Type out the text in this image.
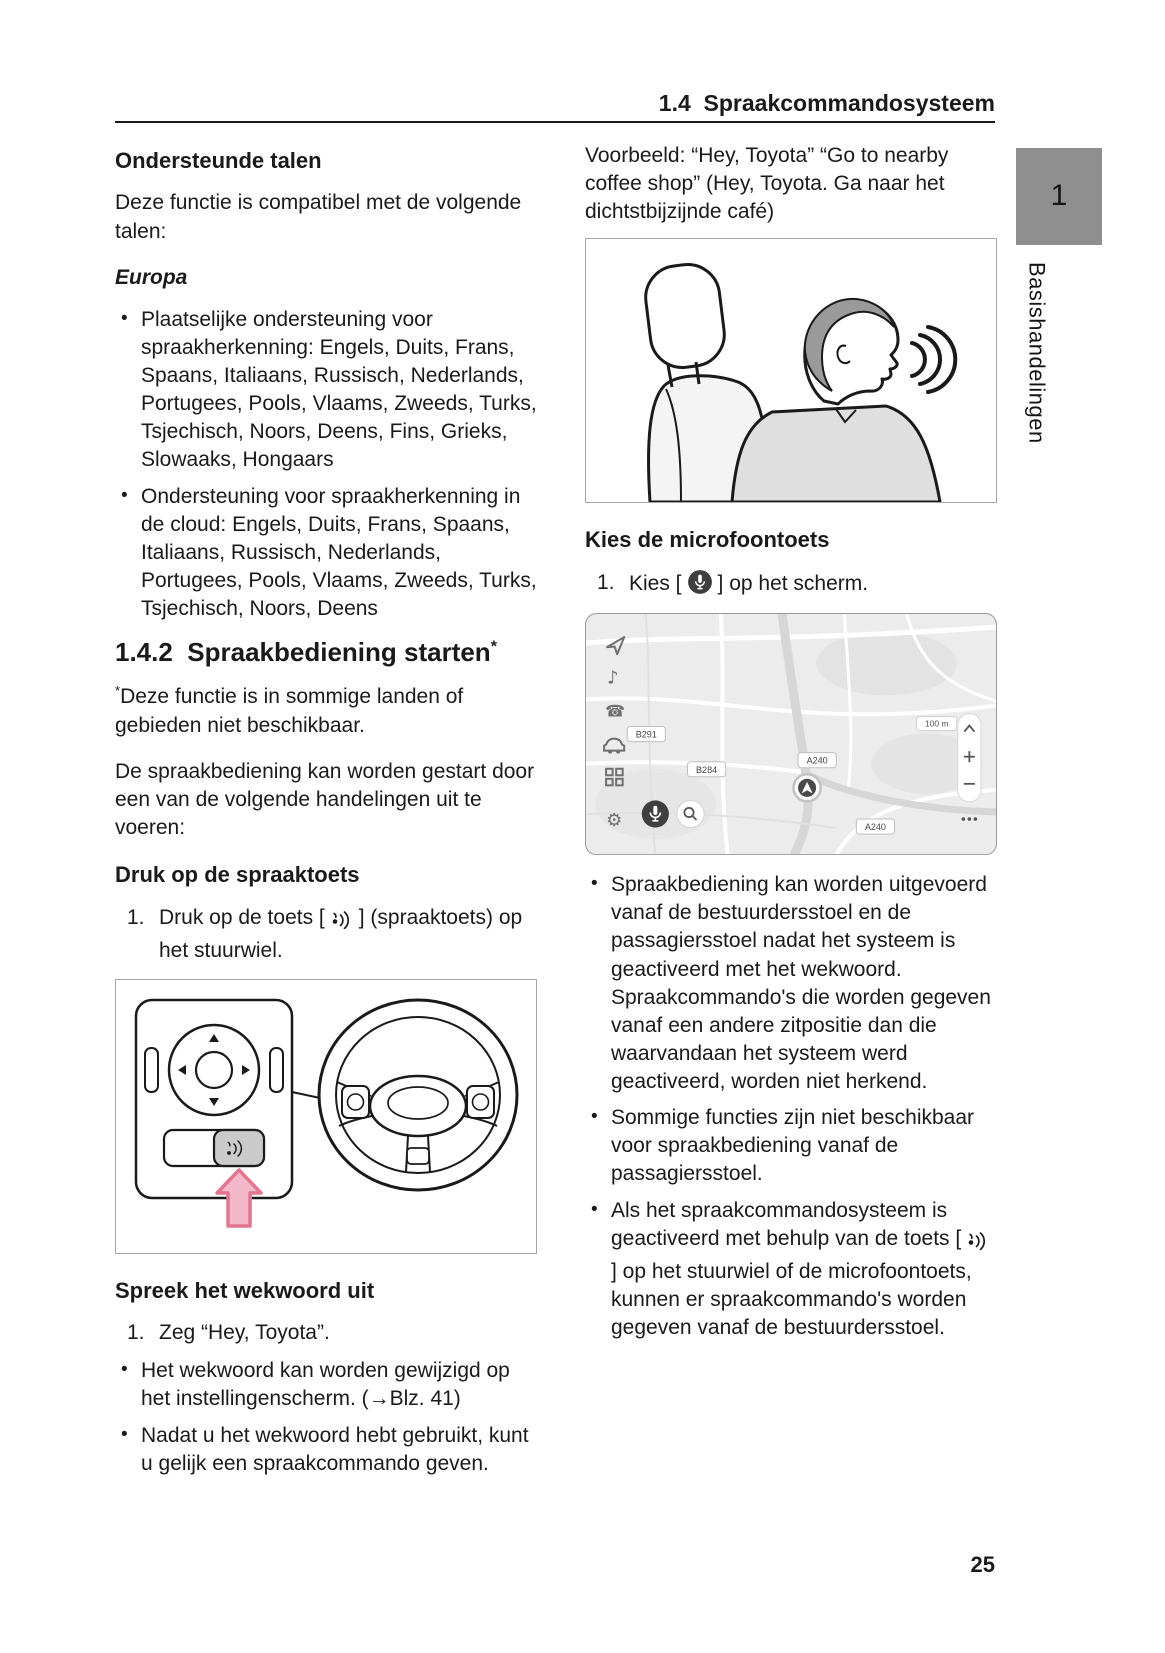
1.4  Spraakcommandosysteem
1
Basishandelingen
Ondersteunde talen

Deze functie is compatibel met de volgende talen:

Europa
• Plaatselijke ondersteuning voor spraakherkenning: Engels, Duits, Frans, Spaans, Italiaans, Russisch, Nederlands, Portugees, Pools, Vlaams, Zweeds, Turks, Tsjechisch, Noors, Deens, Fins, Grieks, Slowaaks, Hongaars
• Ondersteuning voor spraakherkenning in de cloud: Engels, Duits, Frans, Spaans, Italiaans, Russisch, Nederlands, Portugees, Pools, Vlaams, Zweeds, Turks, Tsjechisch, Noors, Deens
1.4.2  Spraakbediening starten*

*Deze functie is in sommige landen of gebieden niet beschikbaar.

De spraakbediening kan worden gestart door een van de volgende handelingen uit te voeren:

Druk op de spraaktoets
1. Druk op de toets [ ] (spraaktoets) op het stuurwiel.
Spreek het wekwoord uit
1. Zeg “Hey, Toyota”.
• Het wekwoord kan worden gewijzigd op het instellingenscherm. (→Blz. 41)
• Nadat u het wekwoord hebt gebruikt, kunt u gelijk een spraakcommando geven.

Voorbeeld: “Hey, Toyota” “Go to nearby coffee shop” (Hey, Toyota. Ga naar het dichtstbijzijnde café)

Kies de microfoontoets
1. Kies [ ] op het scherm.
♪
☎
⚙
B291
B284
A240
A240
100 m
• Spraakbediening kan worden uitgevoerd vanaf de bestuurdersstoel en de passagiersstoel nadat het systeem is geactiveerd met het wekwoord. Spraakcommando's die worden gegeven vanaf een andere zitpositie dan die waarvandaan het systeem werd geactiveerd, worden niet herkend.
• Sommige functies zijn niet beschikbaar voor spraakbediening vanaf de passagiersstoel.
• Als het spraakcommandosysteem is geactiveerd met behulp van de toets [] op het stuurwiel of de microfoontoets, kunnen er spraakcommando's worden gegeven vanaf de bestuurdersstoel.
25
